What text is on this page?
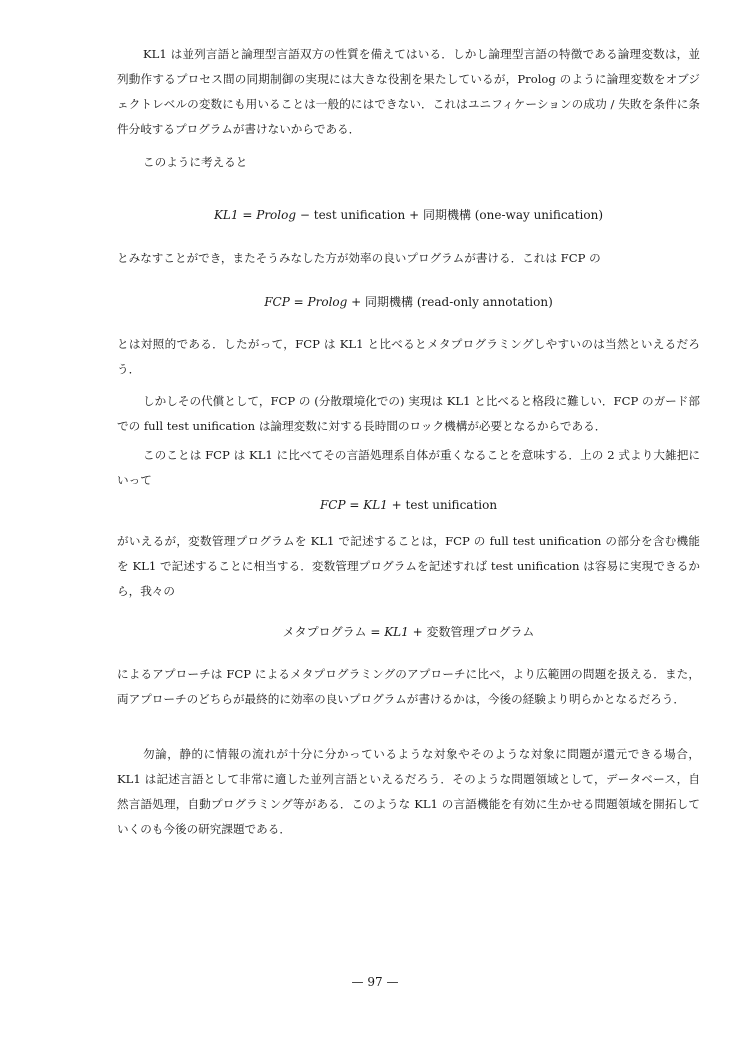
KL1 は並列言語と論理型言語双方の性質を備えてはいる．しかし論理型言語の特徴である論理変数は，並列動作するプロセス間の同期制御の実現には大きな役割を果たしているが，Prolog のように論理変数をオブジェクトレベルの変数にも用いることは一般的にはできない．これはユニフィケーションの成功 / 失敗を条件に条件分岐するプログラムが書けないからである．

このように考えると

KL1 = Prolog − test unification + 同期機構 (one-way unification)

とみなすことができ，またそうみなした方が効率の良いプログラムが書ける．これは FCP の

FCP = Prolog + 同期機構 (read-only annotation)

とは対照的である．したがって，FCP は KL1 と比べるとメタプログラミングしやすいのは当然といえるだろう．

しかしその代償として，FCP の (分散環境化での) 実現は KL1 と比べると格段に難しい．FCP のガード部での full test unification は論理変数に対する長時間のロック機構が必要となるからである．

このことは FCP は KL1 に比べてその言語処理系自体が重くなることを意味する．上の 2 式より大雑把にいって

FCP = KL1 + test unification

がいえるが，変数管理プログラムを KL1 で記述することは，FCP の full test unification の部分を含む機能を KL1 で記述することに相当する．変数管理プログラムを記述すれば test unification は容易に実現できるから，我々の

メタプログラム = KL1 + 変数管理プログラム

によるアプローチは FCP によるメタプログラミングのアプローチに比べ，より広範囲の問題を扱える．また，両アプローチのどちらが最終的に効率の良いプログラムが書けるかは，今後の経験より明らかとなるだろう．

勿論，静的に情報の流れが十分に分かっているような対象やそのような対象に問題が還元できる場合，KL1 は記述言語として非常に適した並列言語といえるだろう．そのような問題領域として，データベース，自然言語処理，自動プログラミング等がある．このような KL1 の言語機能を有効に生かせる問題領域を開拓していくのも今後の研究課題である．

— 97 —
